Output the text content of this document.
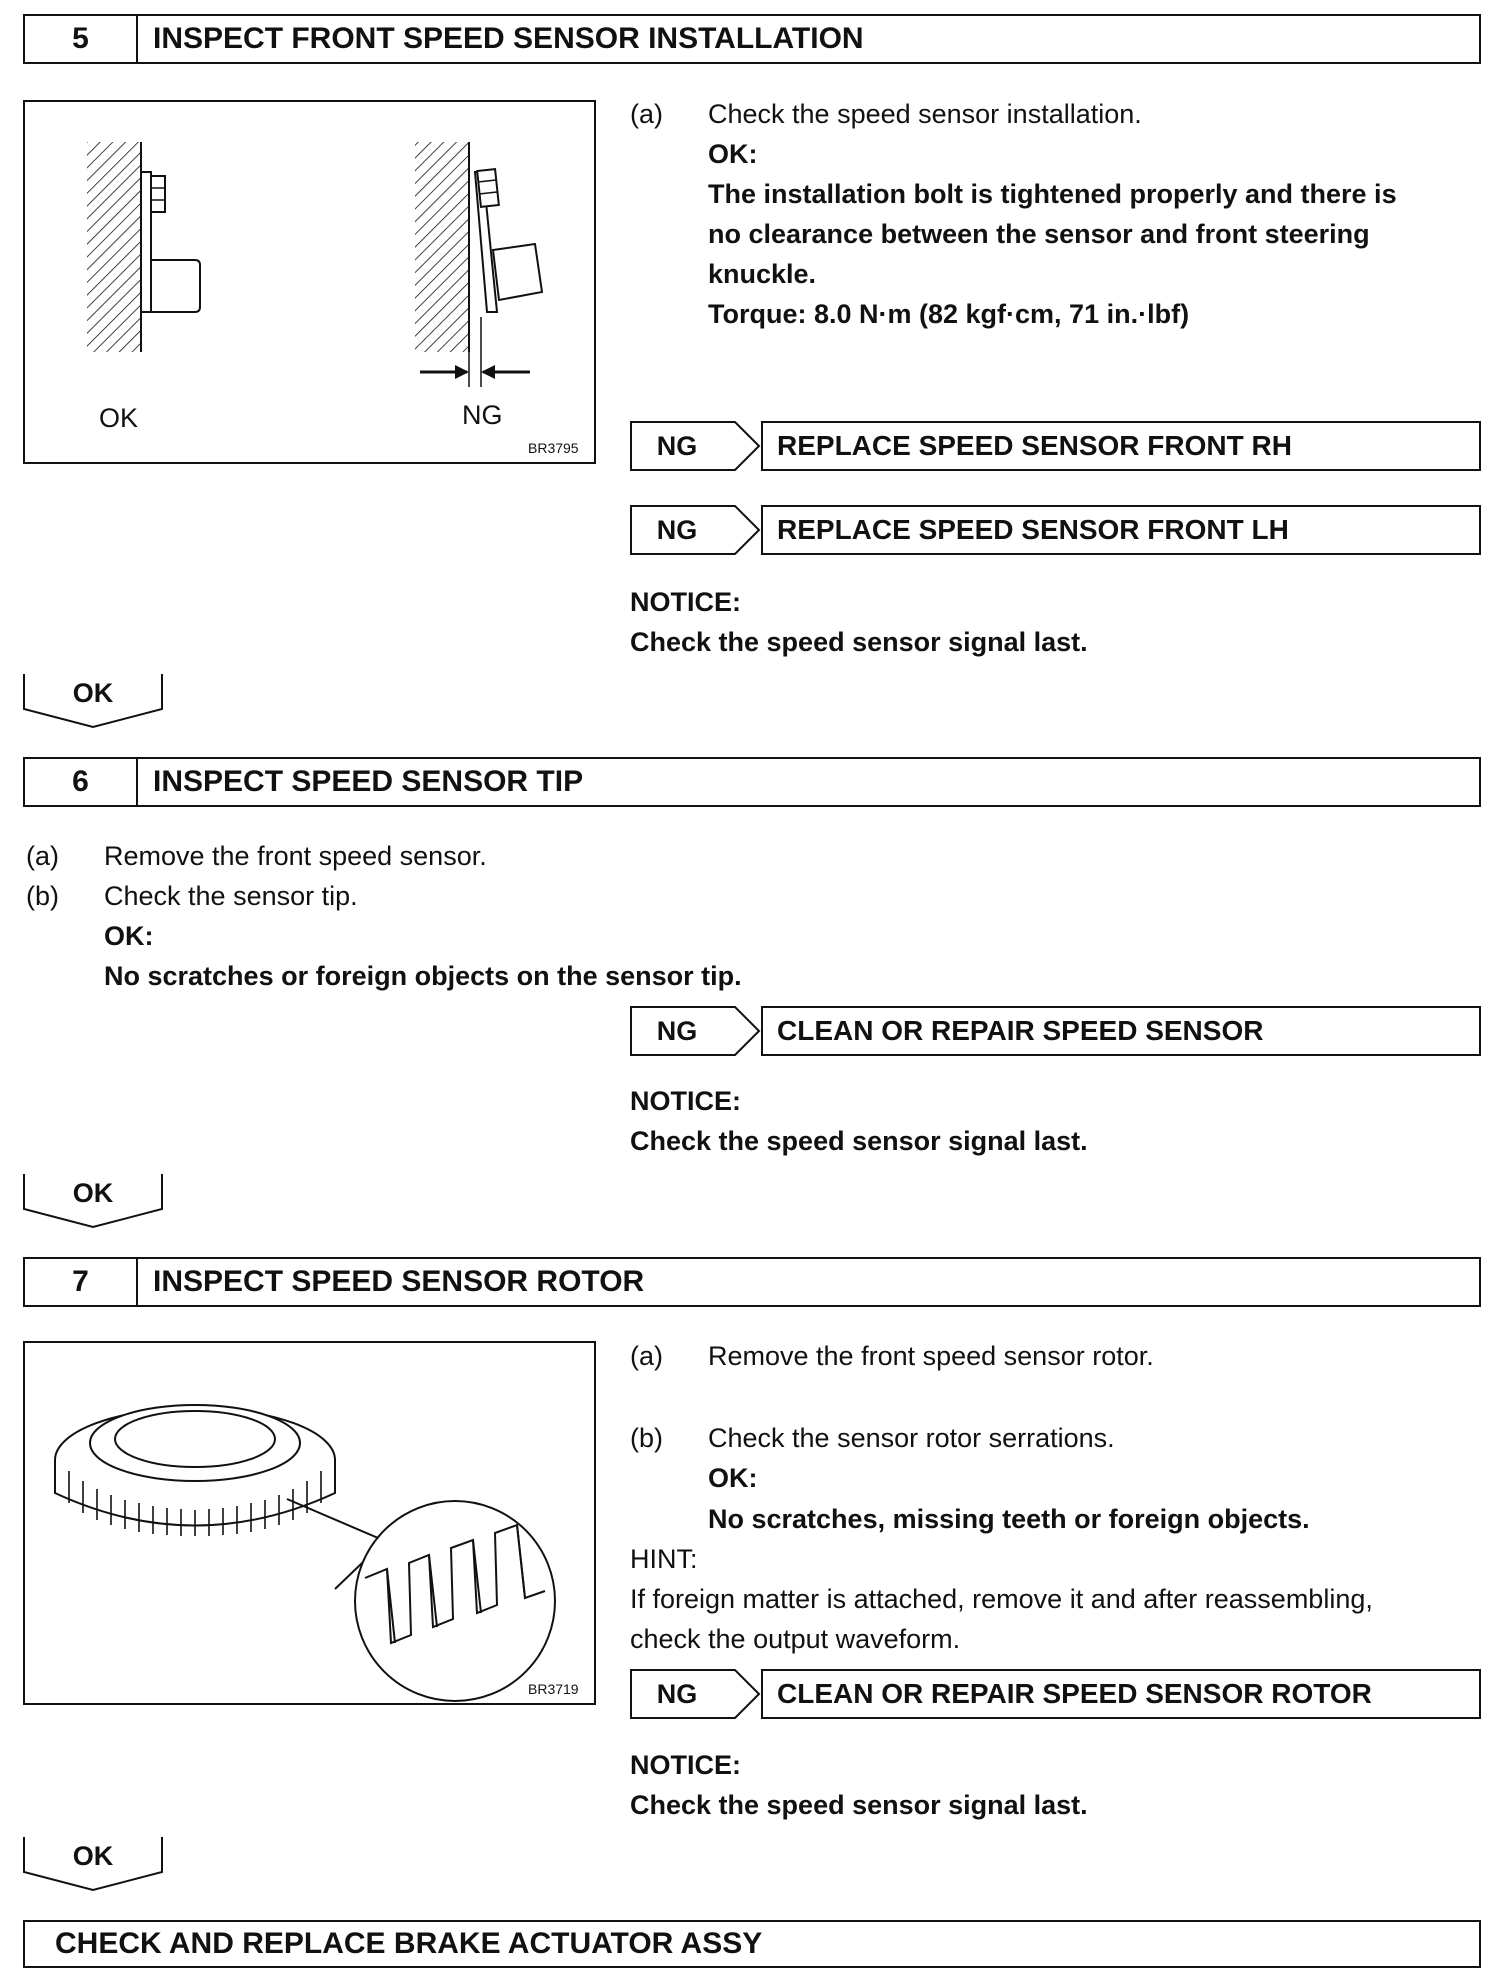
5	INSPECT FRONT SPEED SENSOR INSTALLATION
OK	NG
BR3795
(a) Check the speed sensor installation.
OK:
The installation bolt is tightened properly and there is
no clearance between the sensor and front steering
knuckle.
Torque: 8.0 N·m (82 kgf·cm, 71 in.·lbf)
NG	REPLACE SPEED SENSOR FRONT RH
NG	REPLACE SPEED SENSOR FRONT LH
NOTICE:
Check the speed sensor signal last.
OK
6	INSPECT SPEED SENSOR TIP
(a) Remove the front speed sensor.
(b) Check the sensor tip.
OK:
No scratches or foreign objects on the sensor tip.
NG	CLEAN OR REPAIR SPEED SENSOR
NOTICE:
Check the speed sensor signal last.
OK
7	INSPECT SPEED SENSOR ROTOR
BR3719
(a) Remove the front speed sensor rotor.
(b) Check the sensor rotor serrations.
OK:
No scratches, missing teeth or foreign objects.
HINT:
If foreign matter is attached, remove it and after reassembling,
check the output waveform.
NG	CLEAN OR REPAIR SPEED SENSOR ROTOR
NOTICE:
Check the speed sensor signal last.
OK
CHECK AND REPLACE BRAKE ACTUATOR ASSY
